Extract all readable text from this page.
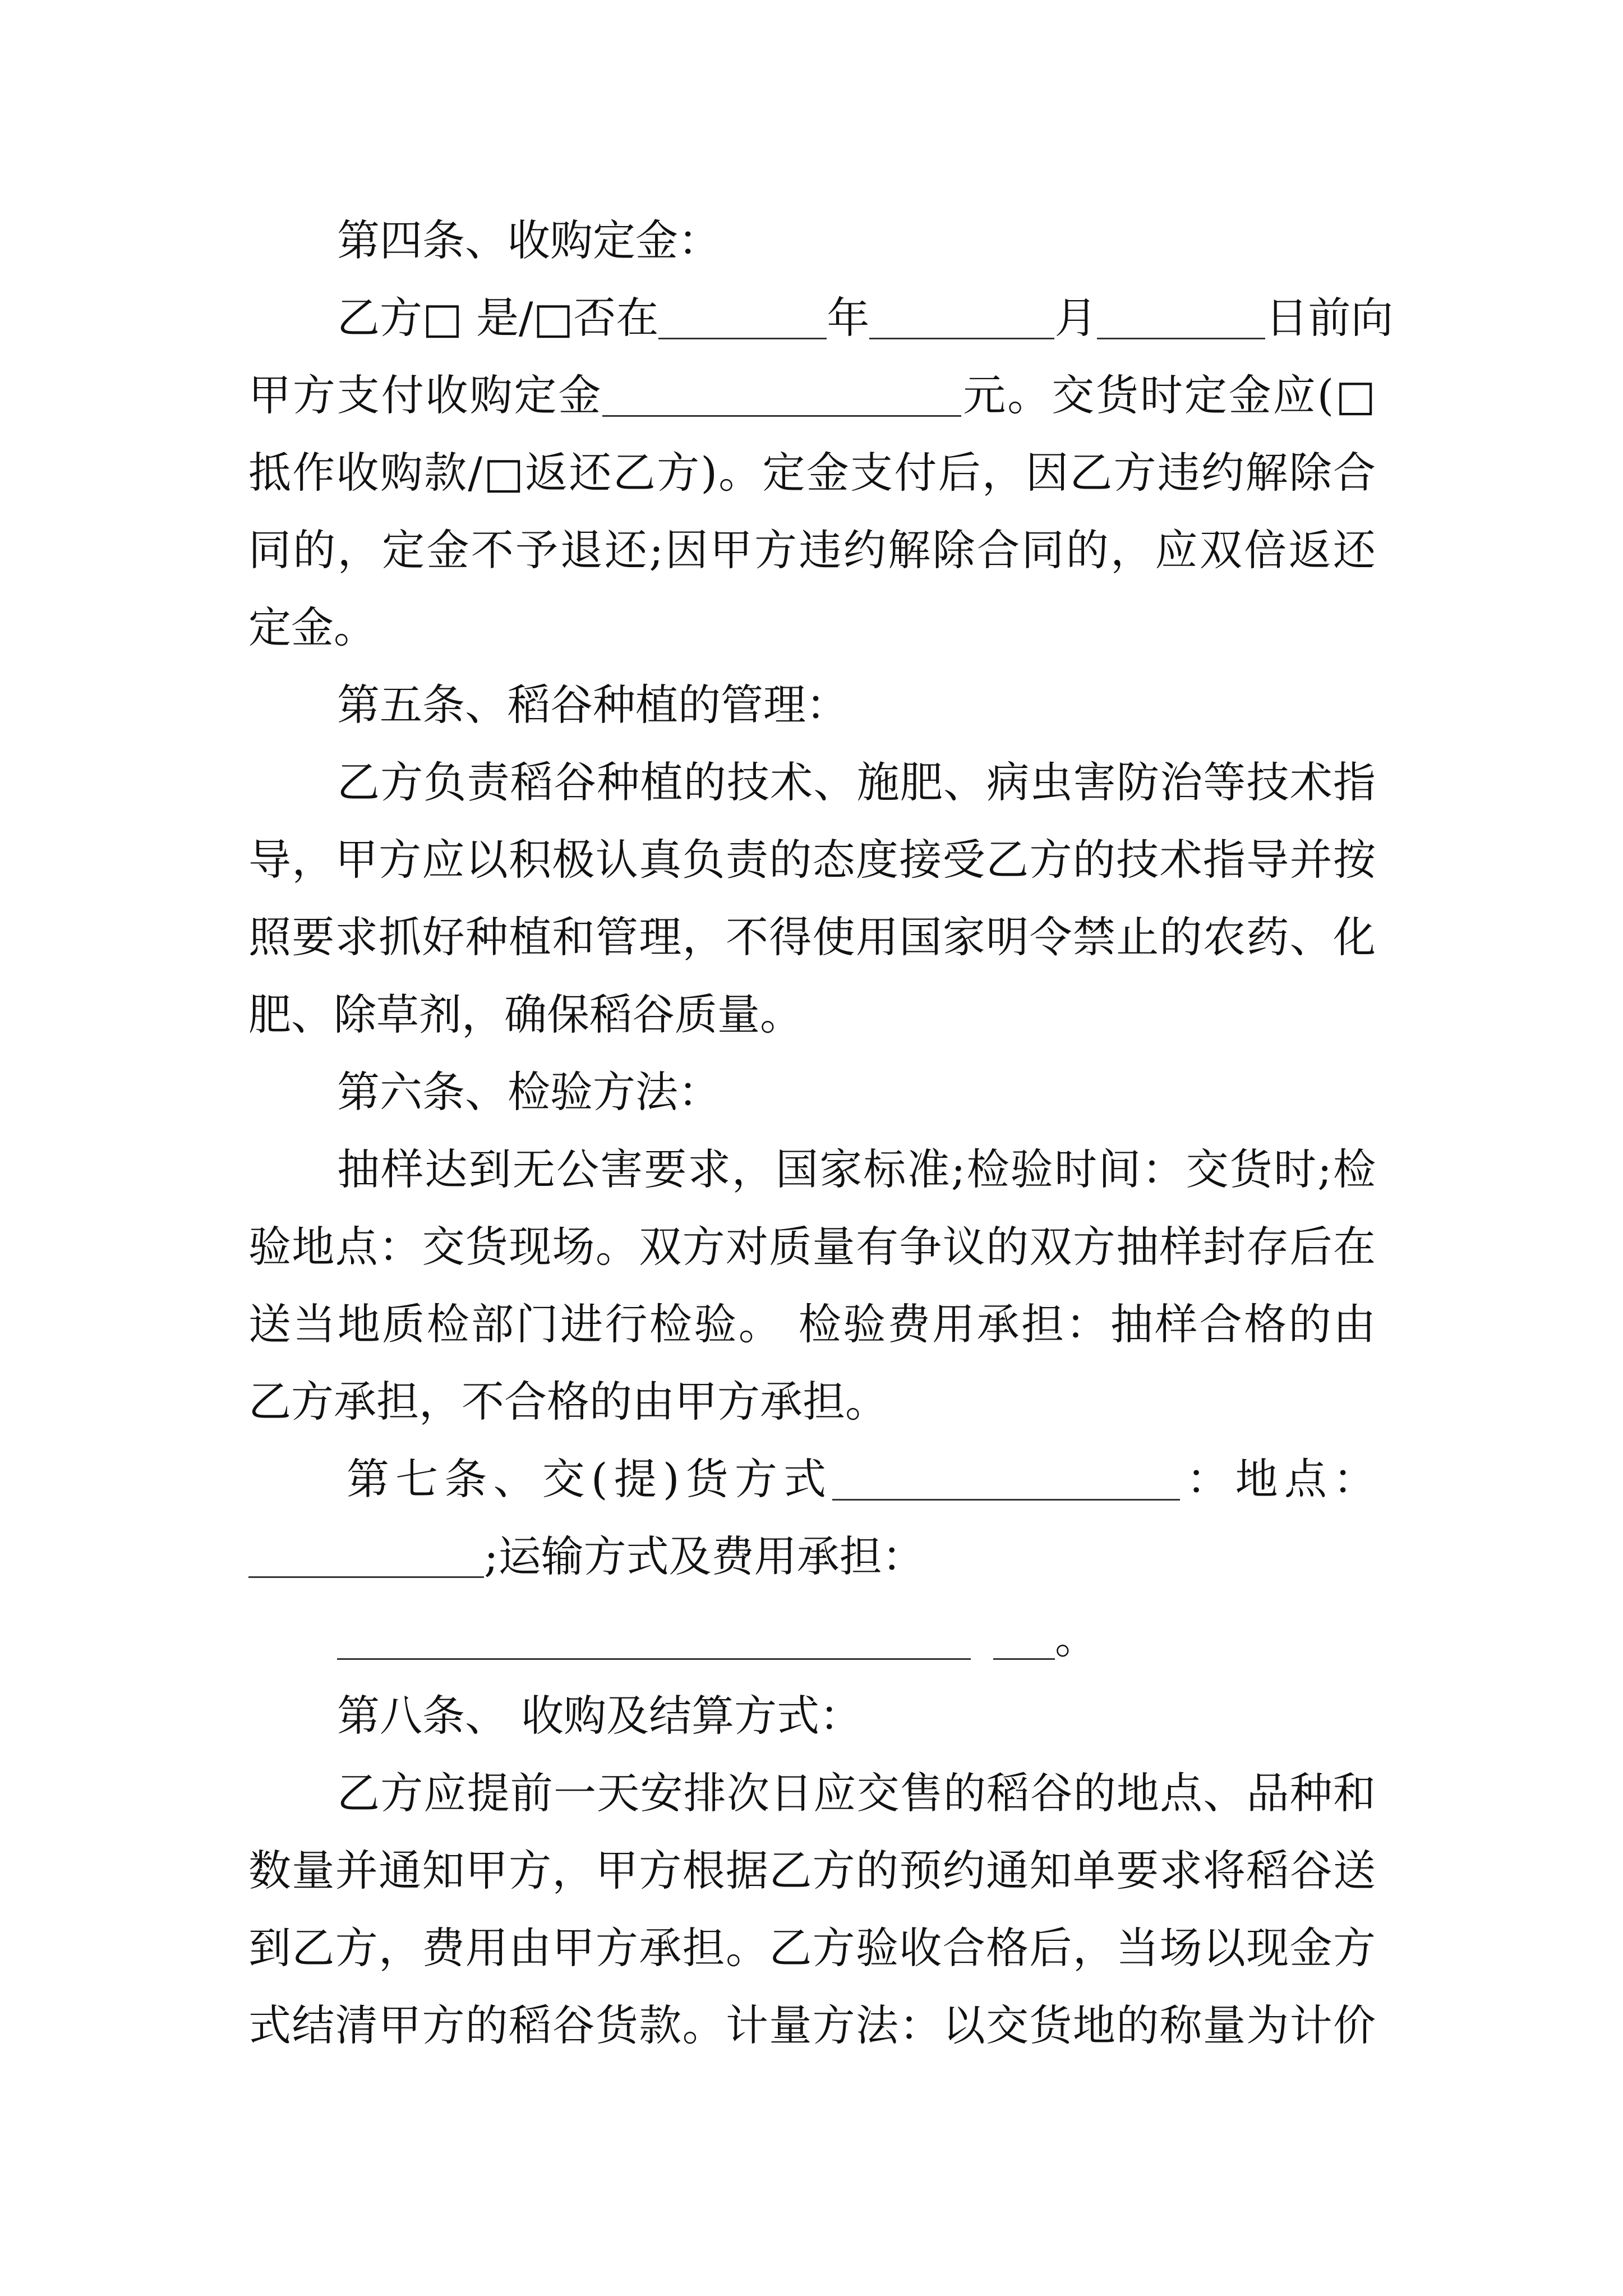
第四条、收购定金：
乙方□ 是/□否在	年	月	日前向
甲方支付收购定金	元。交货时定金应(□
抵作收购款/□返还乙方)。定金支付后，因乙方违约解除合
同的，定金不予退还;因甲方违约解除合同的，应双倍返还
定金。
第五条、稻谷种植的管理：
乙方负责稻谷种植的技术、施肥、病虫害防治等技术指
导，甲方应以积极认真负责的态度接受乙方的技术指导并按
照要求抓好种植和管理，不得使用国家明令禁止的农药、化
肥、除草剂，确保稻谷质量。
第六条、检验方法：
抽样达到无公害要求，国家标准;检验时间：交货时;检
验地点：交货现场。双方对质量有争议的双方抽样封存后在
送当地质检部门进行检验。 检验费用承担：抽样合格的由
乙方承担，不合格的由甲方承担。
第七条、交(提)货方式	：地点：
;运输方式及费用承担：
。
第八条、 收购及结算方式：
乙方应提前一天安排次日应交售的稻谷的地点、品种和
数量并通知甲方，甲方根据乙方的预约通知单要求将稻谷送
到乙方，费用由甲方承担。乙方验收合格后，当场以现金方
式结清甲方的稻谷货款。计量方法：以交货地的称量为计价
